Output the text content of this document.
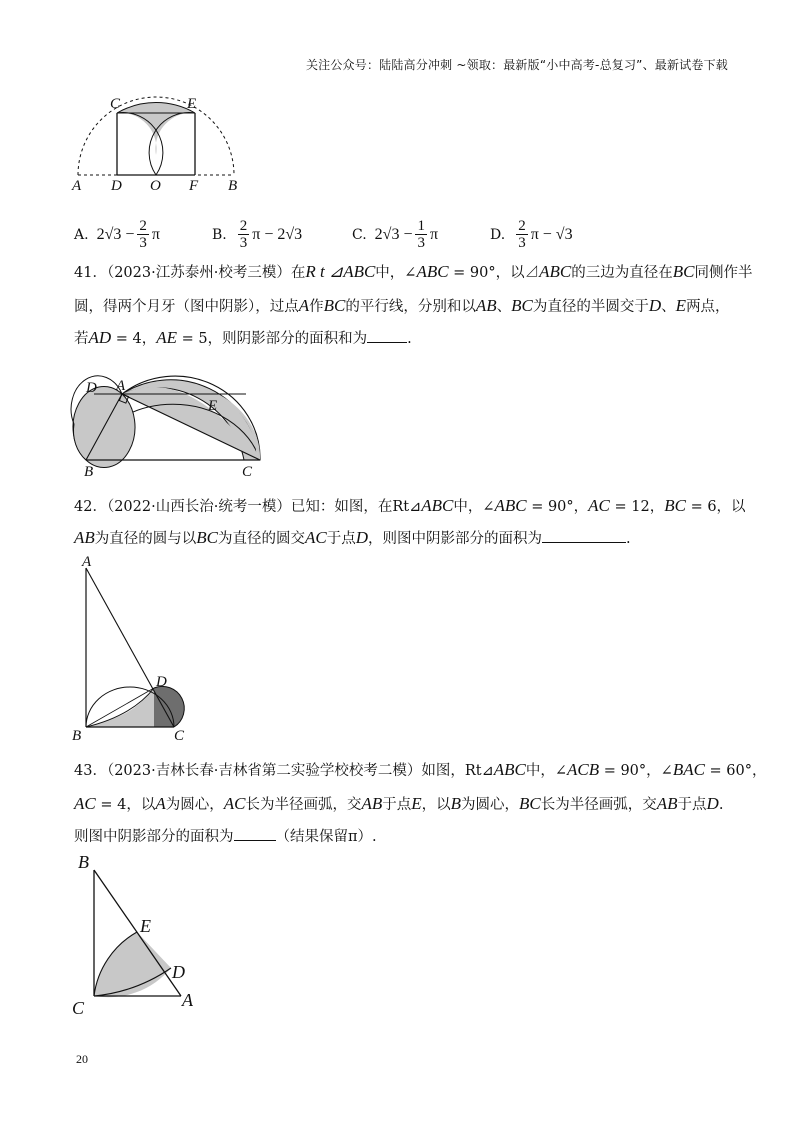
关注公众号：陆陆高分冲刺 ~领取：最新版“小中高考-总复习”、最新试卷下载
C	E
A D O F B
A. $2√3 - \frac{2}{3}$ π	B. $\frac{2}{3}$ π − 2√3	C. $2√3 - \frac{1}{3}$ π	D. $\frac{2}{3}$ π − √3
41．（2023·江苏泰州·校考三模）在R t ⊿ABC中，∠ABC = 90°，以⊿ABC的三边为直径在BC同侧作半
圆，得两个月牙（图中阴影），过点A作BC的平行线，分别和以AB、BC为直径的半圆交于D、E两点，
若AD = 4，AE = 5，则阴影部分的面积和为	.
D A
E
B	C
42．（2022·山西长治·统考一模）已知：如图，在Rt⊿ABC中，∠ABC = 90°，AC = 12，BC = 6，以
AB为直径的圆与以BC为直径的圆交AC于点D，则图中阴影部分的面积为	.
A
D
B	C
43．（2023·吉林长春·吉林省第二实验学校校考二模）如图，Rt⊿ABC中，∠ACB = 90°，∠BAC = 60°，
AC = 4，以A为圆心，AC长为半径画弧，交AB于点E，以B为圆心，BC长为半径画弧，交AB于点D.
则图中阴影部分的面积为	（结果保留π）.
B
E
D
C	A
20
